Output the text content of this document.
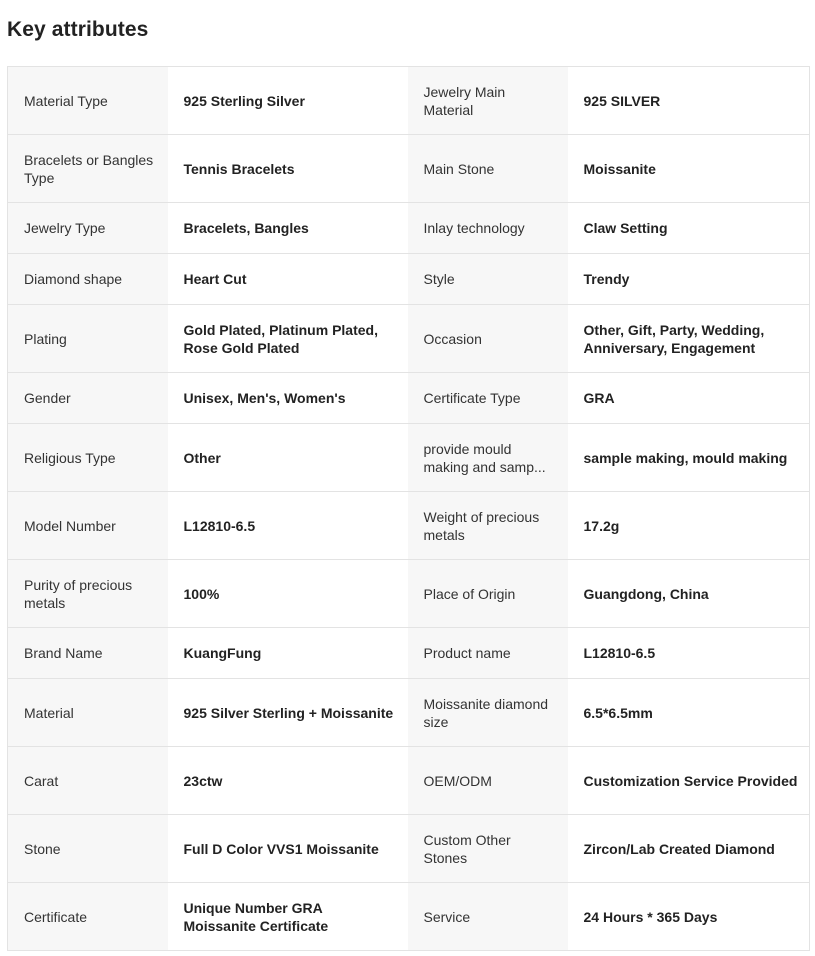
Key attributes
Material Type	925 Sterling Silver	Jewelry Main Material	925 SILVER
Bracelets or Bangles Type	Tennis Bracelets	Main Stone	Moissanite
Jewelry Type	Bracelets, Bangles	Inlay technology	Claw Setting
Diamond shape	Heart Cut	Style	Trendy
Plating	Gold Plated, Platinum Plated, Rose Gold Plated	Occasion	Other, Gift, Party, Wedding, Anniversary, Engagement
Gender	Unisex, Men's, Women's	Certificate Type	GRA

Religious Type	Other	provide mould making and samp...	sample making, mould making
Model Number	L12810-6.5	Weight of precious metals	17.2g
Purity of precious metals	100%	Place of Origin	Guangdong, China
Brand Name	KuangFung	Product name	L12810-6.5
Material	925 Silver Sterling + Moissanite	Moissanite diamond size	6.5*6.5mm
Carat	23ctw	OEM/ODM	Customization Service Provided
Stone	Full D Color VVS1 Moissanite	Custom Other Stones	Zircon/Lab Created Diamond
Certificate	Unique Number GRA Moissanite Certificate	Service	24 Hours * 365 Days
